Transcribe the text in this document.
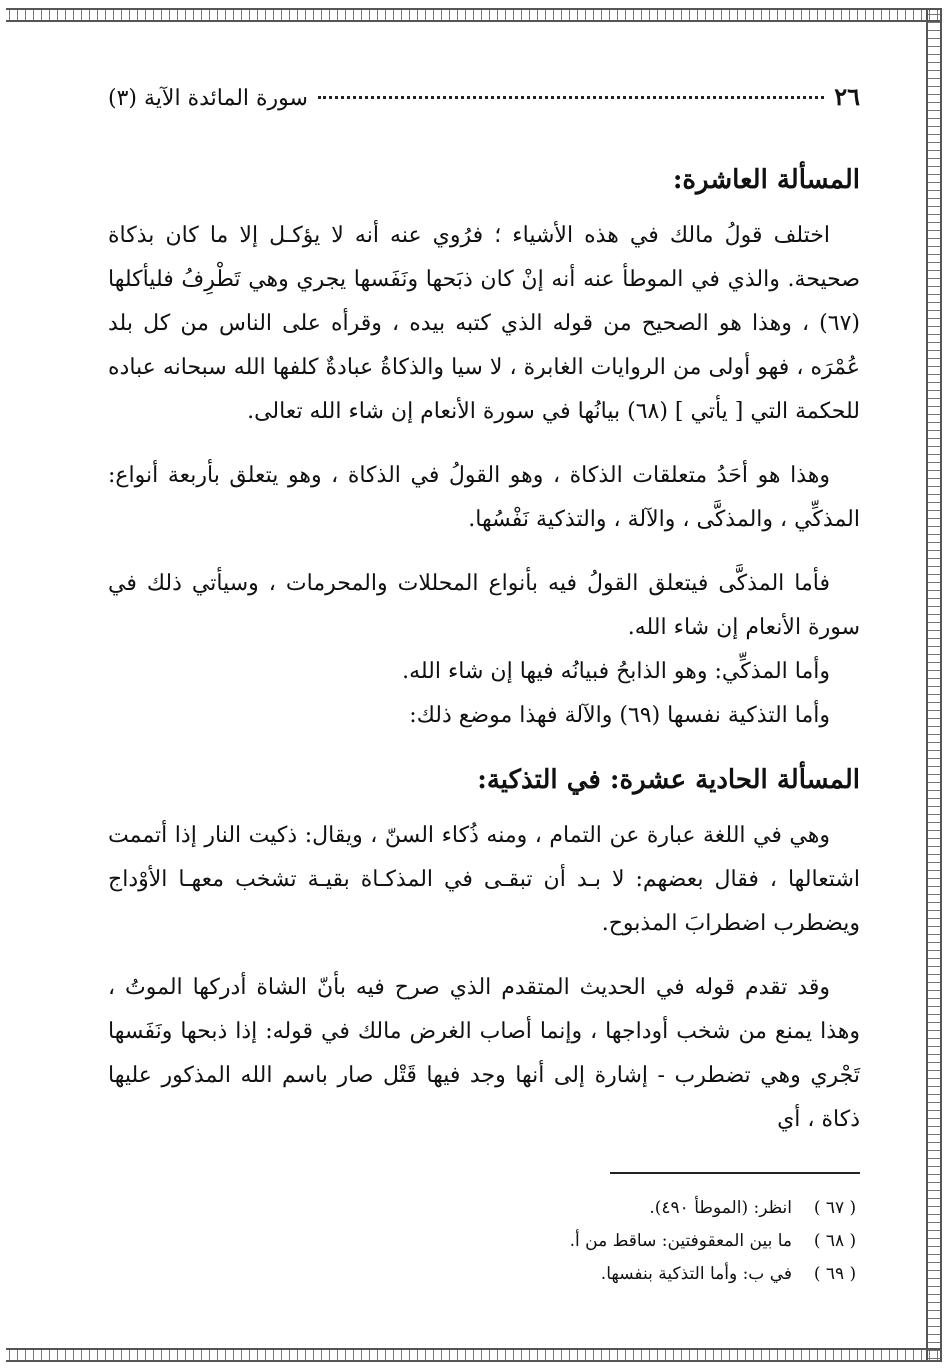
٢٦
سورة المائدة الآية (٣)
المسألة العاشرة:

اختلف قولُ مالك في هذه الأشياء ؛ فرُوي عنه أنه لا يؤكـل إلا ما كان بذكاة صحيحة. والذي في الموطأ عنه أنه إنْ كان ذبَحها ونَفَسها يجري وهي تَطْرِفُ فليأكلها (٦٧) ، وهذا هو الصحيح من قوله الذي كتبه بيده ، وقرأه على الناس من كل بلد عُمْرَه ، فهو أولى من الروايات الغابرة ، لا سيا والذكاةُ عبادةٌ كلفها الله سبحانه عباده للحكمة التي [ يأتي ] (٦٨) بيانُها في سورة الأنعام إن شاء الله تعالى.

وهذا هو أحَدُ متعلقات الذكاة ، وهو القولُ في الذكاة ، وهو يتعلق بأربعة أنواع: المذكِّي ، والمذكَّى ، والآلة ، والتذكية نَفْسُها.

فأما المذكَّى فيتعلق القولُ فيه بأنواع المحللات والمحرمات ، وسيأتي ذلك في سورة الأنعام إن شاء الله.

وأما المذكِّي: وهو الذابحُ فبيانُه فيها إن شاء الله.

وأما التذكية نفسها (٦٩) والآلة فهذا موضع ذلك:

المسألة الحادية عشرة: في التذكية:

وهي في اللغة عبارة عن التمام ، ومنه ذُكاء السنّ ، ويقال: ذكيت النار إذا أتممت اشتعالها ، فقال بعضهم: لا بـد أن تبقـى في المذكـاة بقيـة تشخب معهـا الأوْداج ويضطرب اضطرابَ المذبوح.

وقد تقدم قوله في الحديث المتقدم الذي صرح فيه بأنّ الشاة أدركها الموتُ ، وهذا يمنع من شخب أوداجها ، وإنما أصاب الغرض مالك في قوله: إذا ذبحها ونَفَسها تَجْري وهي تضطرب - إشارة إلى أنها وجد فيها قَتْل صار باسم الله المذكور عليها ذكاة ، أي

( ٦٧ )
انظر: (الموطأ ٤٩٠).
( ٦٨ )
ما بين المعقوفتين: ساقط من أ.
( ٦٩ )
في ب: وأما التذكية بنفسها.
